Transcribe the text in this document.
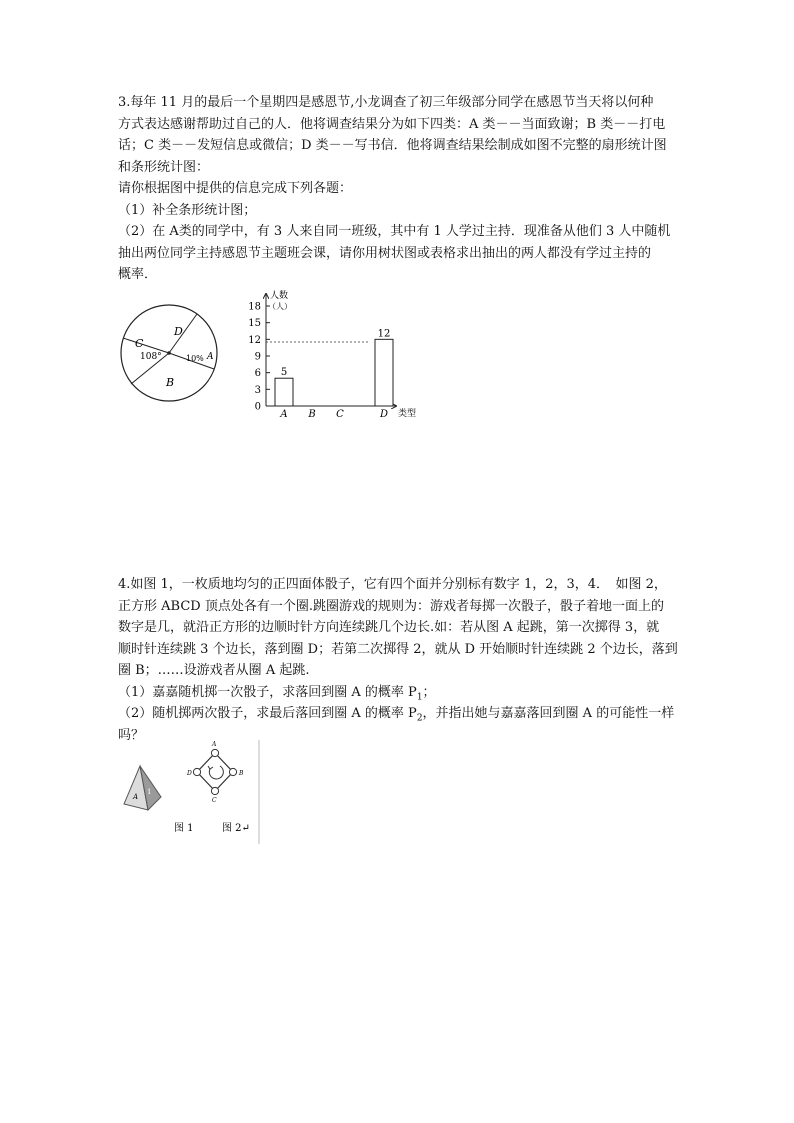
3.每年 11 月的最后一个星期四是感恩节,小龙调查了初三年级部分同学在感恩节当天将以何种

方式表达感谢帮助过自己的人．他将调查结果分为如下四类：A 类－－当面致谢；B 类－－打电

话；C 类－－发短信息或微信；D 类－－写书信．他将调查结果绘制成如图不完整的扇形统计图

和条形统计图：

请你根据图中提供的信息完成下列各题：

（1）补全条形统计图；

（2）在 A类的同学中，有 3 人来自同一班级，其中有 1 人学过主持．现准备从他们 3 人中随机

抽出两位同学主持感恩节主题班会课，请你用树状图或表格求出抽出的两人都没有学过主持的

概率．

C
D
A
B
108°	10%
人数
（人）
类型
0
3
6
9
12
15
18
5
12
A B C	D

4.如图 1，一枚质地均匀的正四面体骰子，它有四个面并分别标有数字 1，2，3，4．　如图 2，

正方形 ABCD 顶点处各有一个圈.跳圈游戏的规则为：游戏者每掷一次骰子，骰子着地一面上的

数字是几，就沿正方形的边顺时针方向连续跳几个边长.如：若从图 A 起跳，第一次掷得 3，就

顺时针连续跳 3 个边长，落到圈 D；若第二次掷得 2，就从 D 开始顺时针连续跳 2 个边长，落到

圈 B；……设游戏者从圈 A 起跳.

（1）嘉嘉随机掷一次骰子，求落回到圈 A 的概率 $P_1$；

（2）随机掷两次骰子，求最后落回到圈 A 的概率 $P_2$，并指出她与嘉嘉落回到圈 A 的可能性一样

吗？

A
1
A
B
C
D
图 1	图 2↵
